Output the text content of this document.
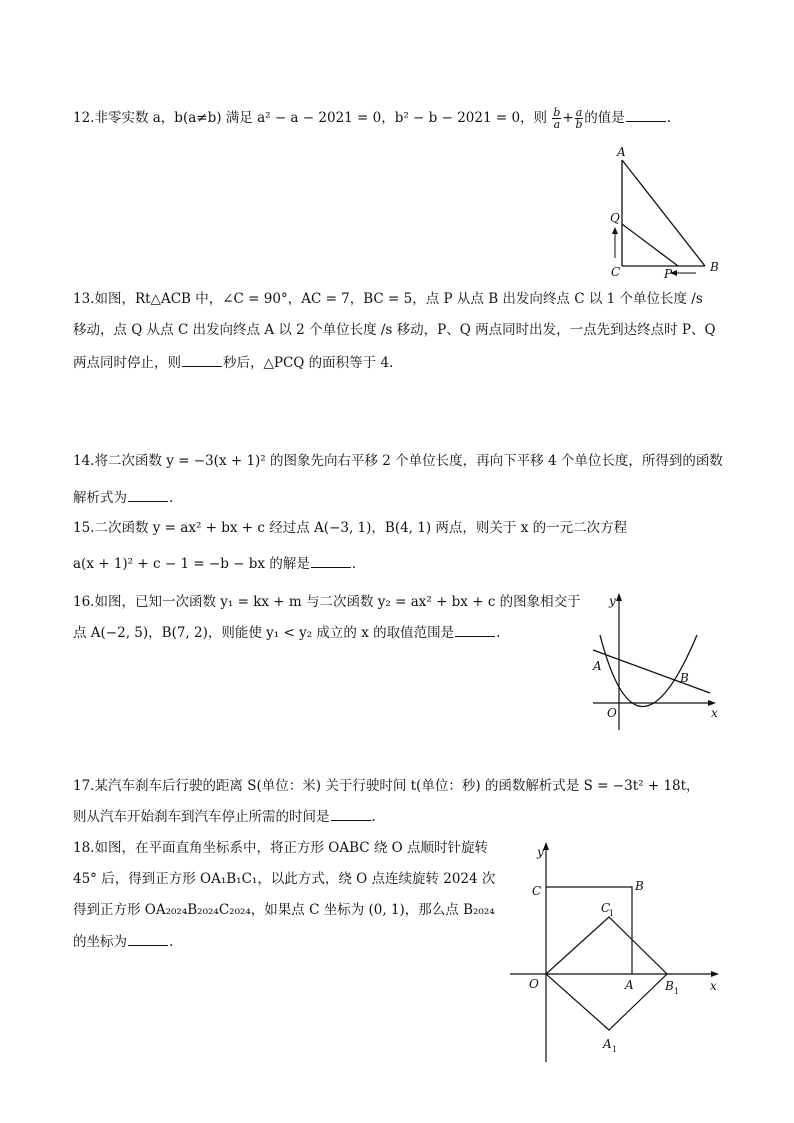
12.非零实数 a，b(a≠b) 满足 a² − a − 2021 = 0，b² − b − 2021 = 0，则 $\frac{b}{a} + \frac{a}{b}$ 的值是	.
A
B
C
Q
P
13.如图，Rt△ACB 中，∠C = 90°，AC = 7，BC = 5，点 P 从点 B 出发向终点 C 以 1 个单位长度 /s
移动，点 Q 从点 C 出发向终点 A 以 2 个单位长度 /s 移动，P、Q 两点同时出发，一点先到达终点时 P、Q
两点同时停止，则	秒后，△PCQ 的面积等于 4.
14.将二次函数 y = −3(x + 1)² 的图象先向右平移 2 个单位长度，再向下平移 4 个单位长度，所得到的函数
解析式为	.
15.二次函数 y = ax² + bx + c 经过点 A(−3, 1)，B(4, 1) 两点，则关于 x 的一元二次方程
a(x + 1)² + c − 1 = −b − bx 的解是	.
16.如图，已知一次函数 y₁ = kx + m 与二次函数 y₂ = ax² + bx + c 的图象相交于
点 A(−2, 5)，B(7, 2)，则能使 y₁ < y₂ 成立的 x 的取值范围是	.
y
x
O
A
B
17.某汽车刹车后行驶的距离 S(单位：米) 关于行驶时间 t(单位：秒) 的函数解析式是 S = −3t² + 18t，
则从汽车开始刹车到汽车停止所需的时间是	.
18.如图，在平面直角坐标系中，将正方形 OABC 绕 O 点顺时针旋转
45° 后，得到正方形 OA₁B₁C₁，以此方式，绕 O 点连续旋转 2024 次
得到正方形 OA₂₀₂₄B₂₀₂₄C₂₀₂₄，如果点 C 坐标为 (0, 1)，那么点 B₂₀₂₄
的坐标为	.
y
x
O
C	B
A
C
1
B 1
A 1
